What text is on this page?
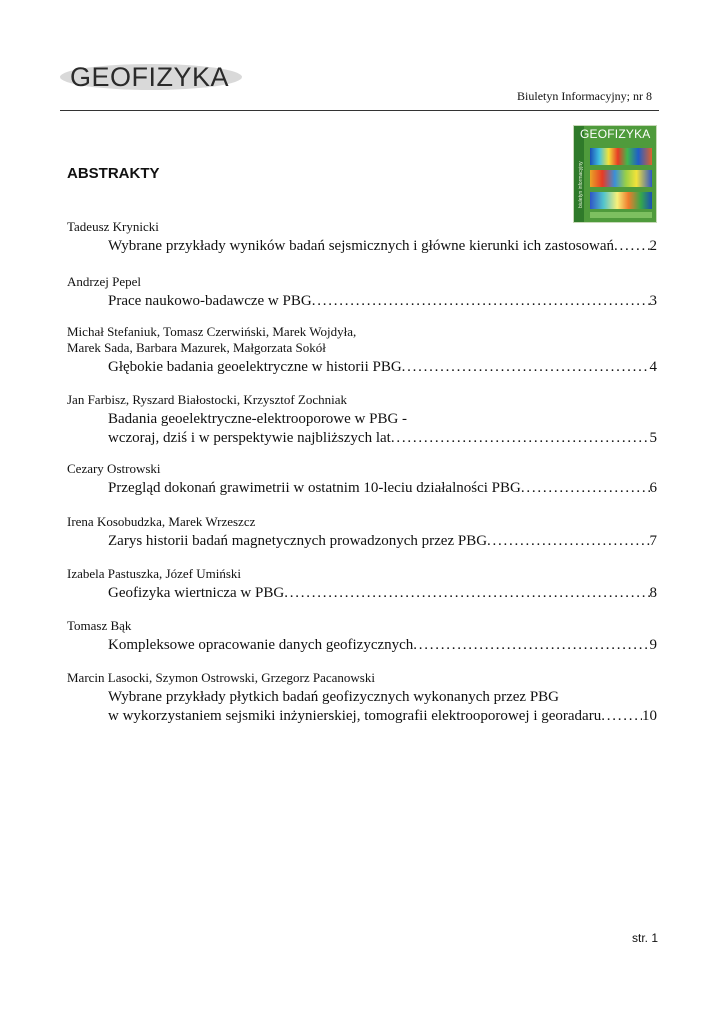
GEOFIZYKA
Biuletyn Informacyjny; nr 8
biuletyn informacyjny
GEOFIZYKA
ABSTRAKTY
Tadeusz Krynicki
Wybrane przykłady wyników badań sejsmicznych i główne kierunki ich zastosowań . . . 2
Andrzej Pepel
Prace naukowo-badawcze w PBG . . .	3
Michał Stefaniuk, Tomasz Czerwiński, Marek Wojdyła,
Marek Sada, Barbara Mazurek, Małgorzata Sokół
Głębokie badania geoelektryczne w historii PBG . . .	4
Jan Farbisz, Ryszard Białostocki, Krzysztof Zochniak
Badania geoelektryczne-elektrooporowe w PBG -
wczoraj, dziś i w perspektywie najbliższych lat . . .	5
Cezary Ostrowski
Przegląd dokonań grawimetrii w ostatnim 10-leciu działalności PBG . . .	6
Irena Kosobudzka, Marek Wrzeszcz
Zarys historii badań magnetycznych prowadzonych przez PBG . . .	7
Izabela Pastuszka, Józef Umiński
Geofizyka wiertnicza w PBG . . .	8
Tomasz Bąk
Kompleksowe opracowanie danych geofizycznych . . .	9
Marcin Lasocki, Szymon Ostrowski, Grzegorz Pacanowski
Wybrane przykłady płytkich badań geofizycznych wykonanych przez PBG
w wykorzystaniem sejsmiki inżynierskiej, tomografii elektrooporowej i georadaru . . .	10
str. 1
